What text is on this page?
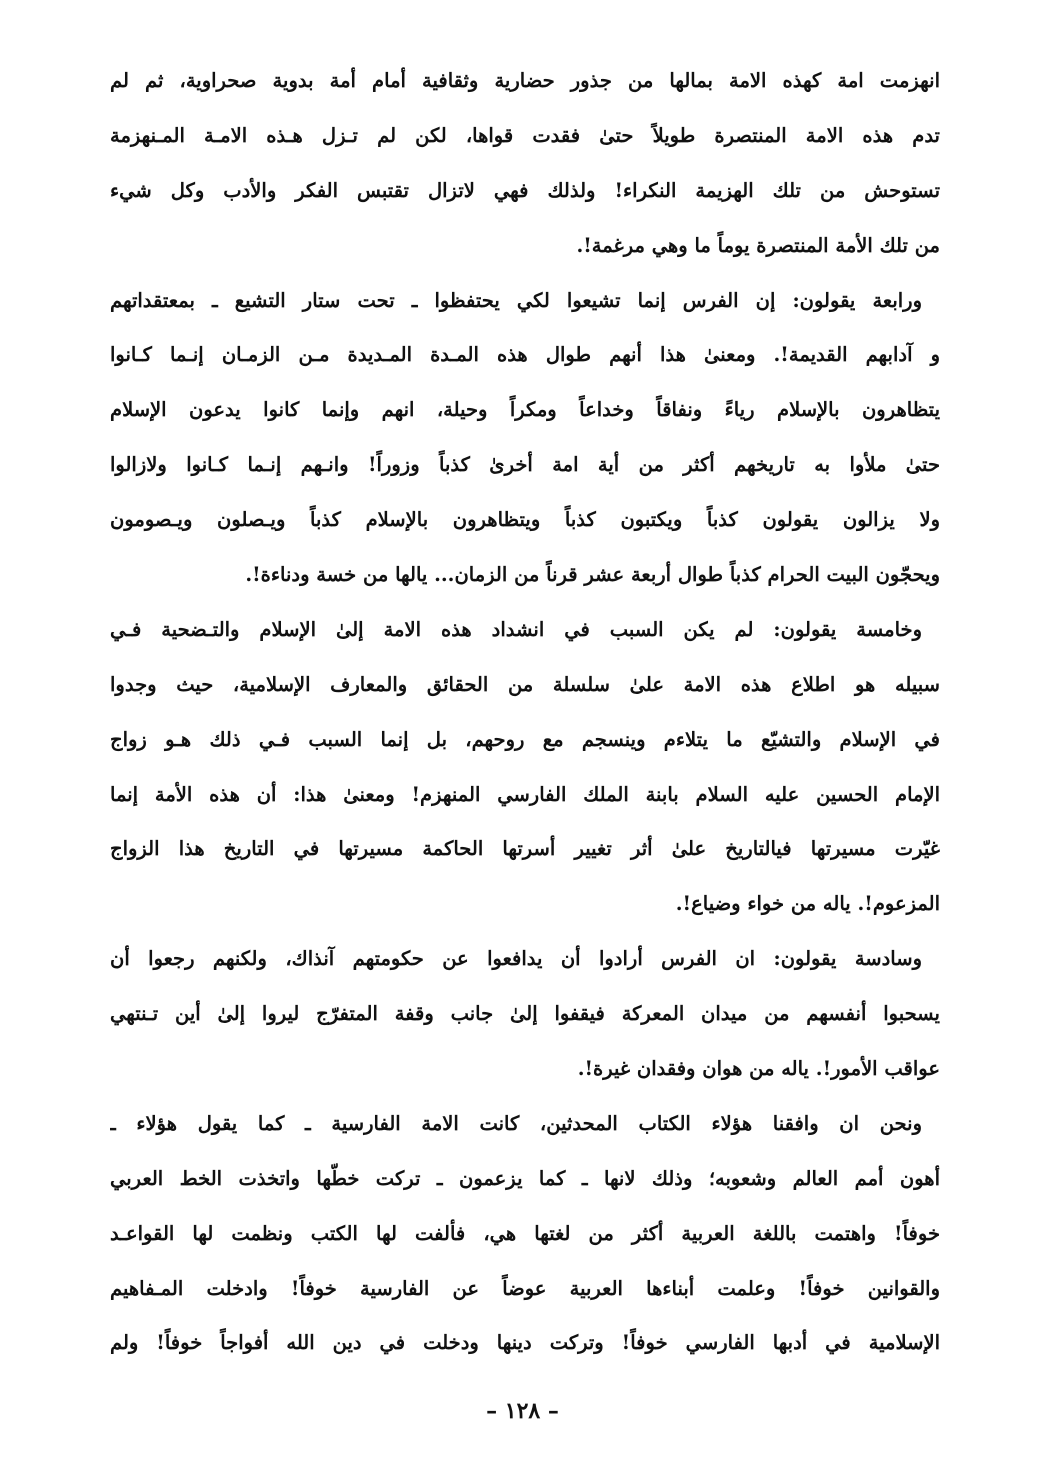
انهزمت امة كهذه الامة بمالها من جذور حضارية وثقافية أمام أمة بدوية صحراوية، ثم لم
تدم هذه الامة المنتصرة طويلاً حتىٰ فقدت قواها، لكن لم تـزل هـذه الامـة المـنهزمة
تستوحش من تلك الهزيمة النكراء! ولذلك فهي لاتزال تقتبس الفكر والأدب وكل شيء
من تلك الأمة المنتصرة يوماً ما وهي مرغمة!.
ورابعة يقولون: إن الفرس إنما تشيعوا لكي يحتفظوا ـ تحت ستار التشيع ـ بمعتقداتهم
و آدابهم القديمة!. ومعنىٰ هذا أنهم طوال هذه المـدة المـديدة مـن الزمـان إنـما كـانوا
يتظاهرون بالإسلام رياءً ونفاقاً وخداعاً ومكراً وحيلة، انهم وإنما كانوا يدعون الإسلام
حتىٰ ملأوا به تاريخهم أكثر من أية امة أخرىٰ كذباً وزوراً! وانـهم إنـما كـانوا ولازالوا
ولا يزالون يقولون كذباً ويكتبون كذباً ويتظاهرون بالإسلام كذباً ويـصلون ويـصومون
ويحجّون البيت الحرام كذباً طوال أربعة عشر قرناً من الزمان... يالها من خسة ودناءة!.
وخامسة يقولون: لم يكن السبب في انشداد هذه الامة إلىٰ الإسلام والتـضحية فـي
سبيله هو اطلاع هذه الامة علىٰ سلسلة من الحقائق والمعارف الإسلامية، حيث وجدوا
في الإسلام والتشيّع ما يتلاءم وينسجم مع روحهم، بل إنما السبب فـي ذلك هـو زواج
الإمام الحسين عليه السلام بابنة الملك الفارسي المنهزم! ومعنىٰ هذا: أن هذه الأمة إنما
غيّرت مسيرتها فيالتاريخ علىٰ أثر تغيير أسرتها الحاكمة مسيرتها في التاريخ هذا الزواج
المزعوم!. ياله من خواء وضياع!.
وسادسة يقولون: ان الفرس أرادوا أن يدافعوا عن حكومتهم آنذاك، ولكنهم رجعوا أن
يسحبوا أنفسهم من ميدان المعركة فيقفوا إلىٰ جانب وقفة المتفرّج ليروا إلىٰ أين تـنتهي
عواقب الأمور!. ياله من هوان وفقدان غيرة!.
ونحن ان وافقنا هؤلاء الكتاب المحدثين، كانت الامة الفارسية ـ كما يقول هؤلاء ـ
أهون أمم العالم وشعوبه؛ وذلك لانها ـ كما يزعمون ـ تركت خطّها واتخذت الخط العربي
خوفاً! واهتمت باللغة العربية أكثر من لغتها هي، فألفت لها الكتب ونظمت لها القواعـد
والقوانين خوفاً! وعلمت أبناءها العربية عوضاً عن الفارسية خوفاً! وادخلت المـفاهيم
الإسلامية في أدبها الفارسي خوفاً! وتركت دينها ودخلت في دين الله أفواجاً خوفاً! ولم
– ١٢٨ –
